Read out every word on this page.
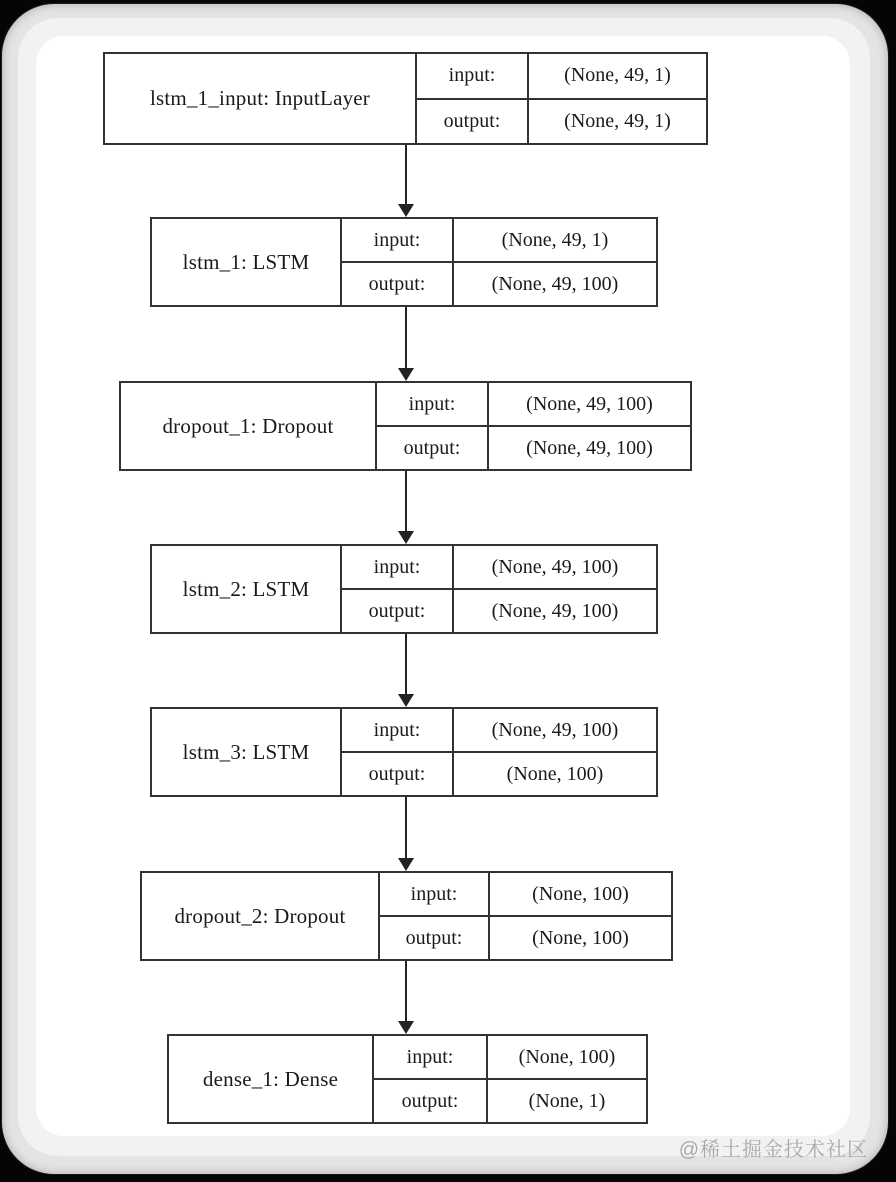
lstm_1_input: InputLayer
input:
output:
(None, 49, 1)
(None, 49, 1)
lstm_1: LSTM
input:
output:
(None, 49, 1)
(None, 49, 100)
dropout_1: Dropout
input:
output:
(None, 49, 100)
(None, 49, 100)
lstm_2: LSTM
input:
output:
(None, 49, 100)
(None, 49, 100)
lstm_3: LSTM
input:
output:
(None, 49, 100)
(None, 100)
dropout_2: Dropout
input:
output:
(None, 100)
(None, 100)
dense_1: Dense
input:
output:
(None, 100)
(None, 1)
@稀土掘金技术社区
